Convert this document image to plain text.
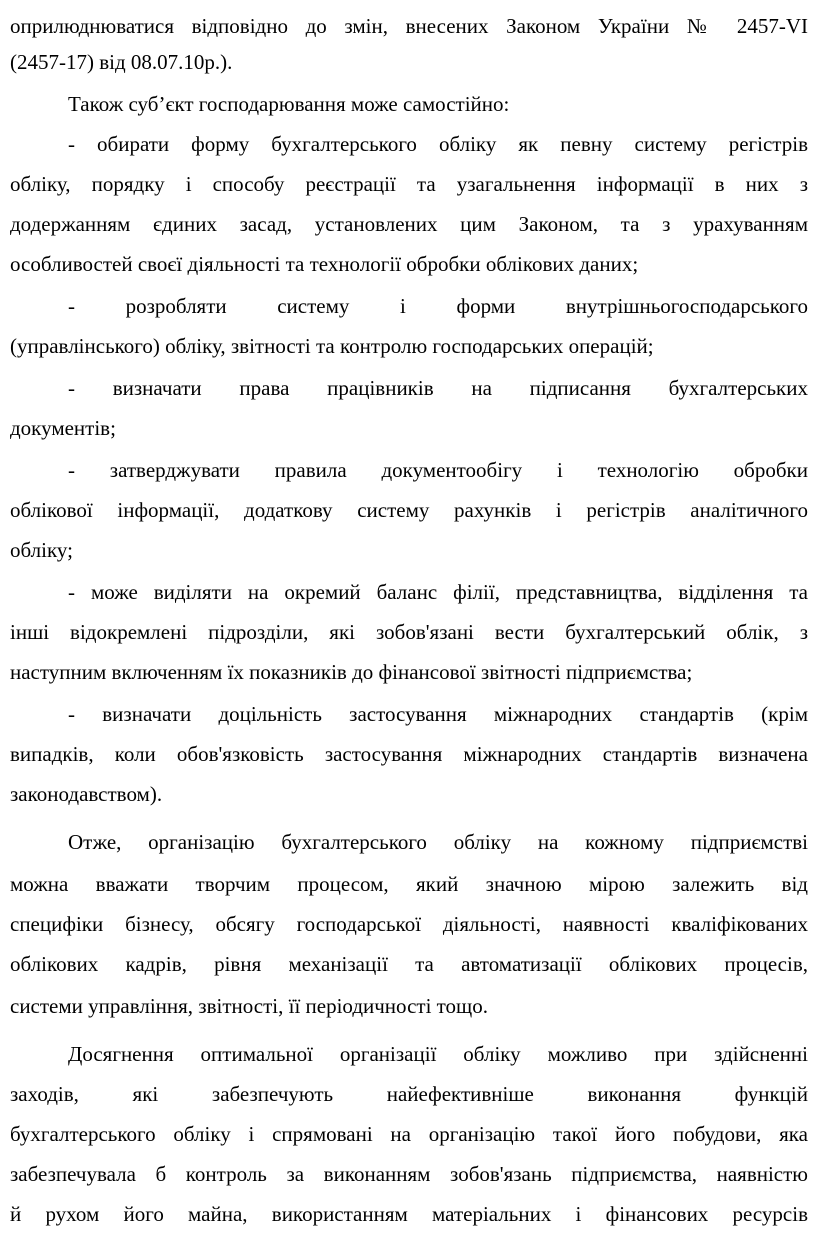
оприлюднюватися відповідно до змін, внесених Законом України № 2457-VI
(2457-17) від 08.07.10р.).
Також суб’єкт господарювання може самостійно:
- обирати форму бухгалтерського обліку як певну систему регістрів
обліку, порядку і способу реєстрації та узагальнення інформації в них з
додержанням єдиних засад, установлених цим Законом, та з урахуванням
особливостей своєї діяльності та технології обробки облікових даних;
- розробляти систему і форми внутрішньогосподарського
(управлінського) обліку, звітності та контролю господарських операцій;
- визначати права працівників на підписання бухгалтерських
документів;
- затверджувати правила документообігу і технологію обробки
облікової інформації, додаткову систему рахунків і регістрів аналітичного
обліку;
- може виділяти на окремий баланс філії, представництва, відділення та
інші відокремлені підрозділи, які зобов'язані вести бухгалтерський облік, з
наступним включенням їх показників до фінансової звітності підприємства;
- визначати доцільність застосування міжнародних стандартів (крім
випадків, коли обов'язковість застосування міжнародних стандартів визначена
законодавством).
Отже, організацію бухгалтерського обліку на кожному підприємстві
можна вважати творчим процесом, який значною мірою залежить від
специфіки бізнесу, обсягу господарської діяльності, наявності кваліфікованих
облікових кадрів, рівня механізації та автоматизації облікових процесів,
системи управління, звітності, її періодичності тощо.
Досягнення оптимальної організації обліку можливо при здійсненні
заходів, які забезпечують найефективніше виконання функцій
бухгалтерського обліку і спрямовані на організацію такої його побудови, яка
забезпечувала б контроль за виконанням зобов'язань підприємства, наявністю
й рухом його майна, використанням матеріальних і фінансових ресурсів
